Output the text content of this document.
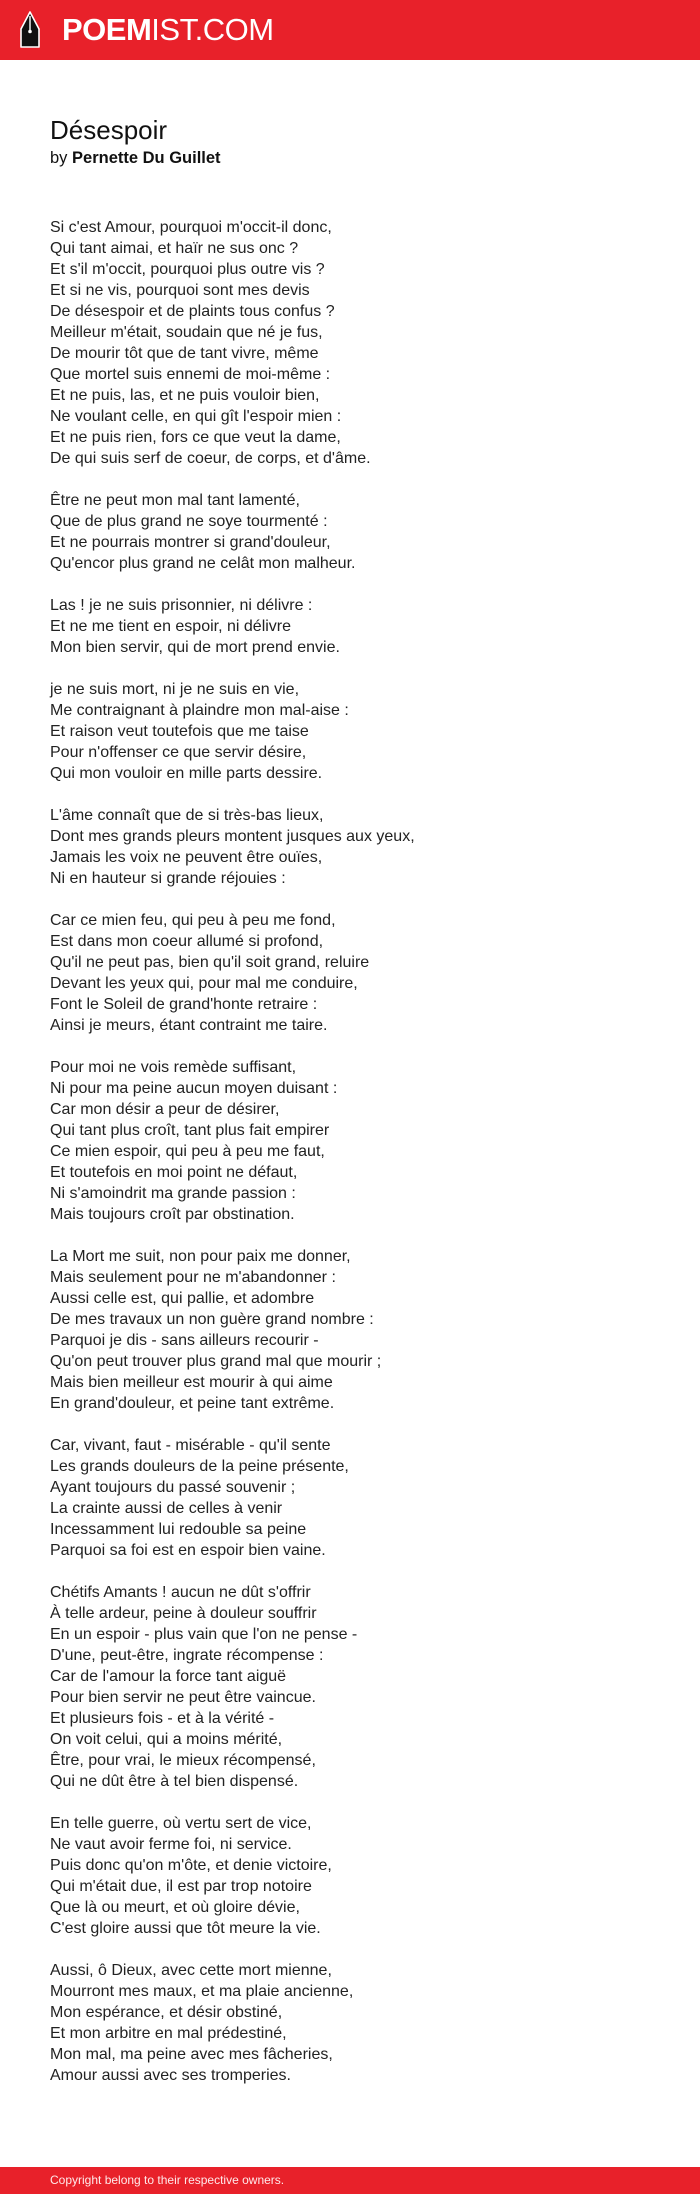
POEMIST.COM
Désespoir
by Pernette Du Guillet
Si c'est Amour, pourquoi m'occit-il donc,
Qui tant aimai, et haïr ne sus onc ?
Et s'il m'occit, pourquoi plus outre vis ?
Et si ne vis, pourquoi sont mes devis
De désespoir et de plaints tous confus ?
Meilleur m'était, soudain que né je fus,
De mourir tôt que de tant vivre, même
Que mortel suis ennemi de moi-même :
Et ne puis, las, et ne puis vouloir bien,
Ne voulant celle, en qui gît l'espoir mien :
Et ne puis rien, fors ce que veut la dame,
De qui suis serf de coeur, de corps, et d'âme.
Être ne peut mon mal tant lamenté,
Que de plus grand ne soye tourmenté :
Et ne pourrais montrer si grand'douleur,
Qu'encor plus grand ne celât mon malheur.
Las ! je ne suis prisonnier, ni délivre :
Et ne me tient en espoir, ni délivre
Mon bien servir, qui de mort prend envie.
je ne suis mort, ni je ne suis en vie,
Me contraignant à plaindre mon mal-aise :
Et raison veut toutefois que me taise
Pour n'offenser ce que servir désire,
Qui mon vouloir en mille parts dessire.
L'âme connaît que de si très-bas lieux,
Dont mes grands pleurs montent jusques aux yeux,
Jamais les voix ne peuvent être ouïes,
Ni en hauteur si grande réjouies :
Car ce mien feu, qui peu à peu me fond,
Est dans mon coeur allumé si profond,
Qu'il ne peut pas, bien qu'il soit grand, reluire
Devant les yeux qui, pour mal me conduire,
Font le Soleil de grand'honte retraire :
Ainsi je meurs, étant contraint me taire.
Pour moi ne vois remède suffisant,
Ni pour ma peine aucun moyen duisant :
Car mon désir a peur de désirer,
Qui tant plus croît, tant plus fait empirer
Ce mien espoir, qui peu à peu me faut,
Et toutefois en moi point ne défaut,
Ni s'amoindrit ma grande passion :
Mais toujours croît par obstination.
La Mort me suit, non pour paix me donner,
Mais seulement pour ne m'abandonner :
Aussi celle est, qui pallie, et adombre
De mes travaux un non guère grand nombre :
Parquoi je dis - sans ailleurs recourir -
Qu'on peut trouver plus grand mal que mourir ;
Mais bien meilleur est mourir à qui aime
En grand'douleur, et peine tant extrême.
Car, vivant, faut - misérable - qu'il sente
Les grands douleurs de la peine présente,
Ayant toujours du passé souvenir ;
La crainte aussi de celles à venir
Incessamment lui redouble sa peine
Parquoi sa foi est en espoir bien vaine.
Chétifs Amants ! aucun ne dût s'offrir
À telle ardeur, peine à douleur souffrir
En un espoir - plus vain que l'on ne pense -
D'une, peut-être, ingrate récompense :
Car de l'amour la force tant aiguë
Pour bien servir ne peut être vaincue.
Et plusieurs fois - et à la vérité -
On voit celui, qui a moins mérité,
Être, pour vrai, le mieux récompensé,
Qui ne dût être à tel bien dispensé.
En telle guerre, où vertu sert de vice,
Ne vaut avoir ferme foi, ni service.
Puis donc qu'on m'ôte, et denie victoire,
Qui m'était due, il est par trop notoire
Que là ou meurt, et où gloire dévie,
C'est gloire aussi que tôt meure la vie.
Aussi, ô Dieux, avec cette mort mienne,
Mourront mes maux, et ma plaie ancienne,
Mon espérance, et désir obstiné,
Et mon arbitre en mal prédestiné,
Mon mal, ma peine avec mes fâcheries,
Amour aussi avec ses tromperies.
Copyright belong to their respective owners.
